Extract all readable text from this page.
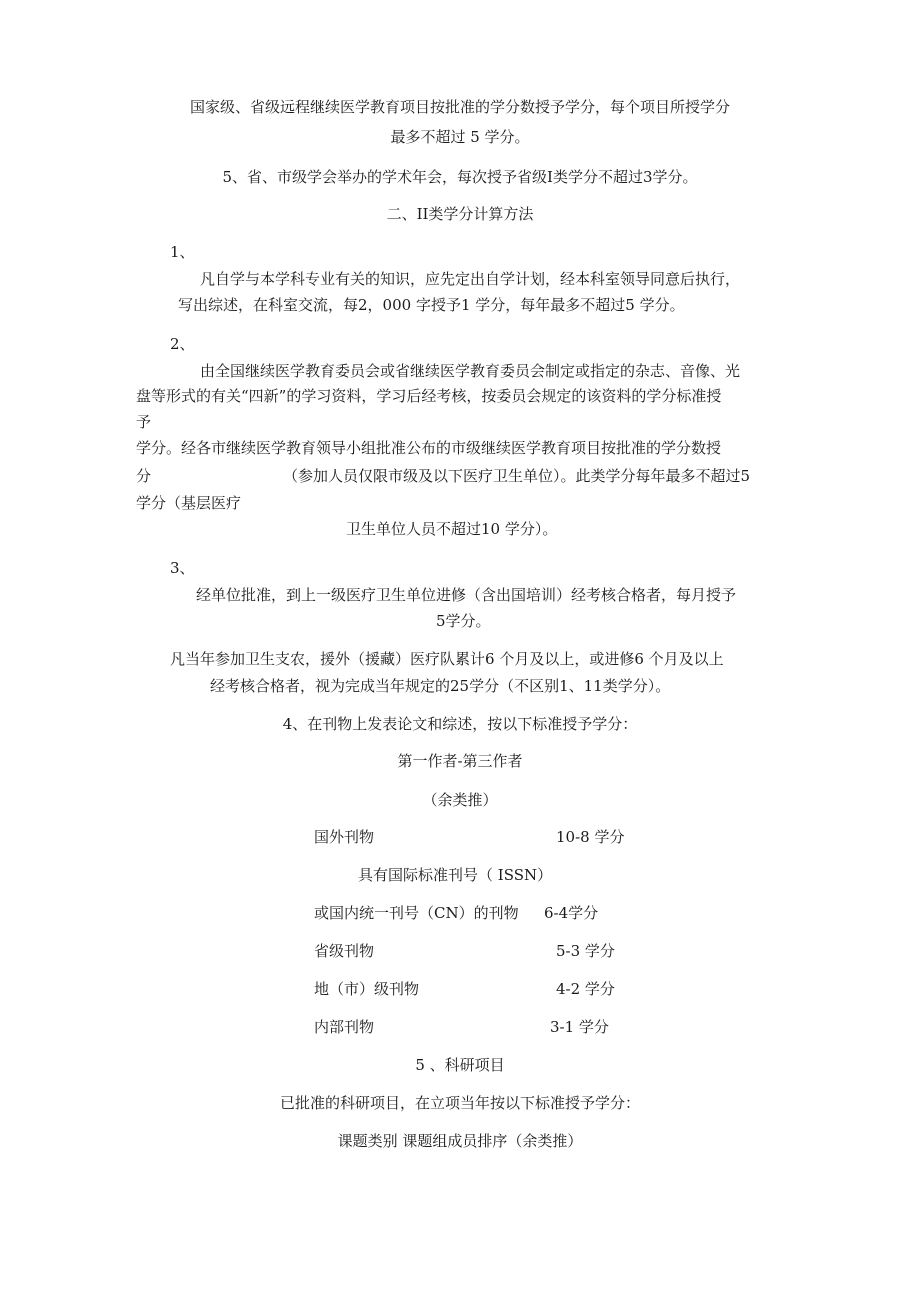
国家级、省级远程继续医学教育项目按批准的学分数授予学分，每个项目所授学分
最多不超过 5 学分。
5、省、市级学会举办的学术年会，每次授予省级I类学分不超过3学分。
二、II类学分计算方法
1、
凡自学与本学科专业有关的知识，应先定出自学计划，经本科室领导同意后执行，
写出综述，在科室交流，每2，000 字授予1 学分，每年最多不超过5 学分。
2、
由全国继续医学教育委员会或省继续医学教育委员会制定或指定的杂志、音像、光
盘等形式的有关“四新”的学习资料，学习后经考核，按委员会规定的该资料的学分标准授
予
学分。经各市继续医学教育领导小组批准公布的市级继续医学教育项目按批准的学分数授
分	（参加人员仅限市级及以下医疗卫生单位）。此类学分每年最多不超过5
学分（基层医疗
卫生单位人员不超过10 学分）。
3、
经单位批准，到上一级医疗卫生单位进修（含出国培训）经考核合格者，每月授予
5学分。
凡当年参加卫生支农，援外（援藏）医疗队累计6 个月及以上，或进修6 个月及以上
经考核合格者，视为完成当年规定的25学分（不区别1、11类学分）。
4、在刊物上发表论文和综述，按以下标准授予学分：
第一作者-第三作者
（余类推）
国外刊物	10-8 学分
具有国际标准刊号（ ISSN）
或国内统一刊号（CN）的刊物 6-4学分
省级刊物	5-3 学分
地（市）级刊物	4-2 学分
内部刊物	3-1 学分
5 、科研项目
已批准的科研项目，在立项当年按以下标准授予学分：
课题类别 课题组成员排序（余类推）
